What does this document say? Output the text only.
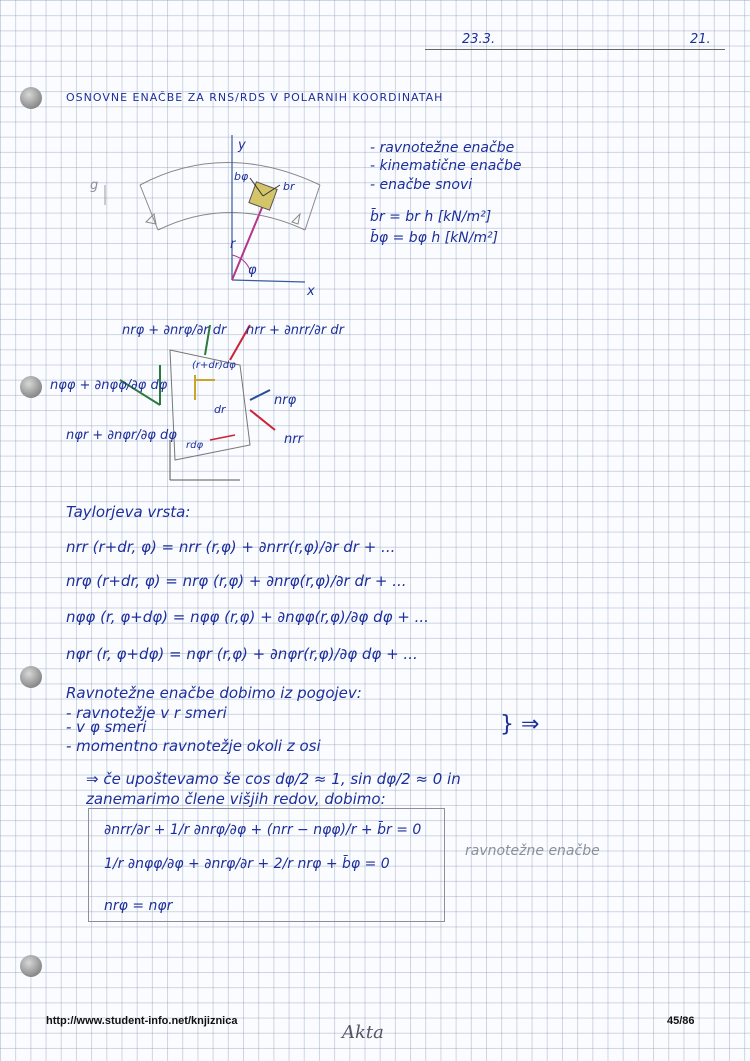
23.3.	21.
OSNOVNE ENAČBE ZA RNS/RDS V POLARNIH KOORDINATAH
g
y
x
r
φ
bφ
br
- ravnotežne enačbe
- kinematične enačbe
- enačbe snovi
b̄r = br h [kN/m²]
b̄φ = bφ h [kN/m²]
nrφ + ∂nrφ/∂r dr nrr + ∂nrr/∂r dr
nφφ + ∂nφφ/∂φ dφ
nφr + ∂nφr/∂φ dφ
nrφ
nrr
(r+dr)dφ
dr
rdφ
Taylorjeva vrsta:
nrr (r+dr, φ) = nrr (r,φ) + ∂nrr(r,φ)/∂r dr + ...
nrφ (r+dr, φ) = nrφ (r,φ) + ∂nrφ(r,φ)/∂r dr + ...
nφφ (r, φ+dφ) = nφφ (r,φ) + ∂nφφ(r,φ)/∂φ dφ + ...
nφr (r, φ+dφ) = nφr (r,φ) + ∂nφr(r,φ)/∂φ dφ + ...
Ravnotežne enačbe dobimo iz pogojev:
- ravnotežje v r smeri
- v φ smeri
- momentno ravnotežje okoli z osi
} ⇒
⇒ če upoštevamo še cos dφ/2 ≈ 1, sin dφ/2 ≈ 0 in
zanemarimo člene višjih redov, dobimo:
∂nrr/∂r + 1/r ∂nrφ/∂φ + (nrr − nφφ)/r + b̄r = 0
1/r ∂nφφ/∂φ + ∂nrφ/∂r + 2/r nrφ + b̄φ = 0
nrφ = nφr
ravnotežne enačbe
http://www.student-info.net/knjiznica
Akta
45/86
